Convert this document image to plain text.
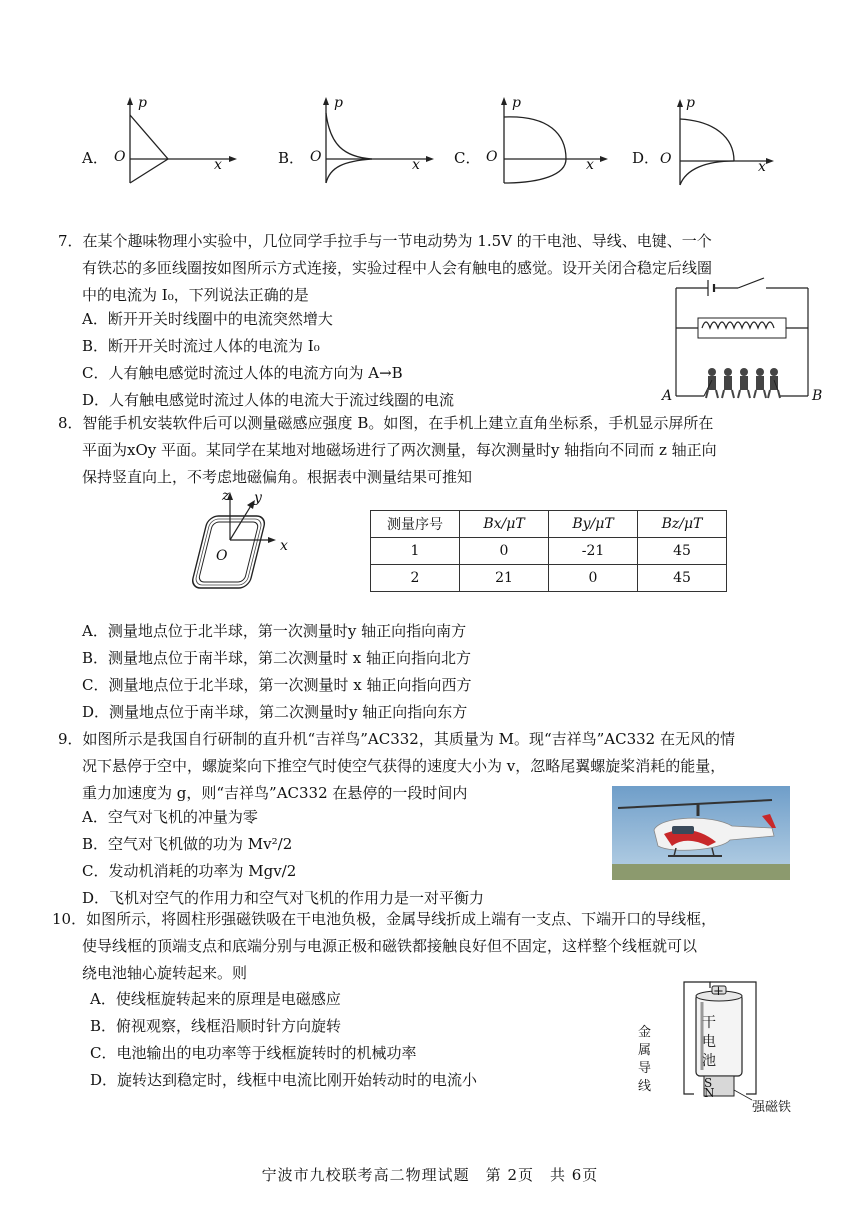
A．
p
O	x	B．
p
O	x C．
p
O	x	D．
p
O	x
7．在某个趣味物理小实验中，几位同学手拉手与一节电动势为 1.5V 的干电池、导线、电键、一个
有铁芯的多匝线圈按如图所示方式连接，实验过程中人会有触电的感觉。设开关闭合稳定后线圈
中的电流为 I₀，下列说法正确的是
A．断开开关时线圈中的电流突然增大
B．断开开关时流过人体的电流为 I₀
C．人有触电感觉时流过人体的电流方向为 A→B
D．人有触电感觉时流过人体的电流大于流过线圈的电流	A	B
8．智能手机安装软件后可以测量磁感应强度 B。如图，在手机上建立直角坐标系，手机显示屏所在
平面为xOy 平面。某同学在某地对地磁场进行了两次测量，每次测量时y 轴指向不同而 z 轴正向
保持竖直向上，不考虑地磁偏角。根据表中测量结果可推知
z y
x
O
测量序号	Bx/μT	By/μT	Bz/μT
1	0	-21	45
2	21	0	45
A．测量地点位于北半球，第一次测量时y 轴正向指向南方
B．测量地点位于南半球，第二次测量时 x 轴正向指向北方
C．测量地点位于北半球，第一次测量时 x 轴正向指向西方
D．测量地点位于南半球，第二次测量时y 轴正向指向东方
9．如图所示是我国自行研制的直升机“吉祥鸟”AC332，其质量为 M。现“吉祥鸟”AC332 在无风的情
况下悬停于空中，螺旋桨向下推空气时使空气获得的速度大小为 v，忽略尾翼螺旋桨消耗的能量，
重力加速度为 g，则“吉祥鸟”AC332 在悬停的一段时间内
A．空气对飞机的冲量为零
B．空气对飞机做的功为 Mv²/2
C．发动机消耗的功率为 Mgv/2
D．飞机对空气的作用力和空气对飞机的作用力是一对平衡力
10．如图所示，将圆柱形强磁铁吸在干电池负极，金属导线折成上端有一支点、下端开口的导线框，
使导线框的顶端支点和底端分别与电源正极和磁铁都接触良好但不固定，这样整个线框就可以
绕电池轴心旋转起来。则
A．使线框旋转起来的原理是电磁感应
B．俯视观察，线框沿顺时针方向旋转
C．电池输出的电功率等于线框旋转时的机械功率
D．旋转达到稳定时，线框中电流比刚开始转动时的电流小
+
干电池
金属导线	S
N
强磁铁
宁波市九校联考高二物理试题　第 2页　共 6页
